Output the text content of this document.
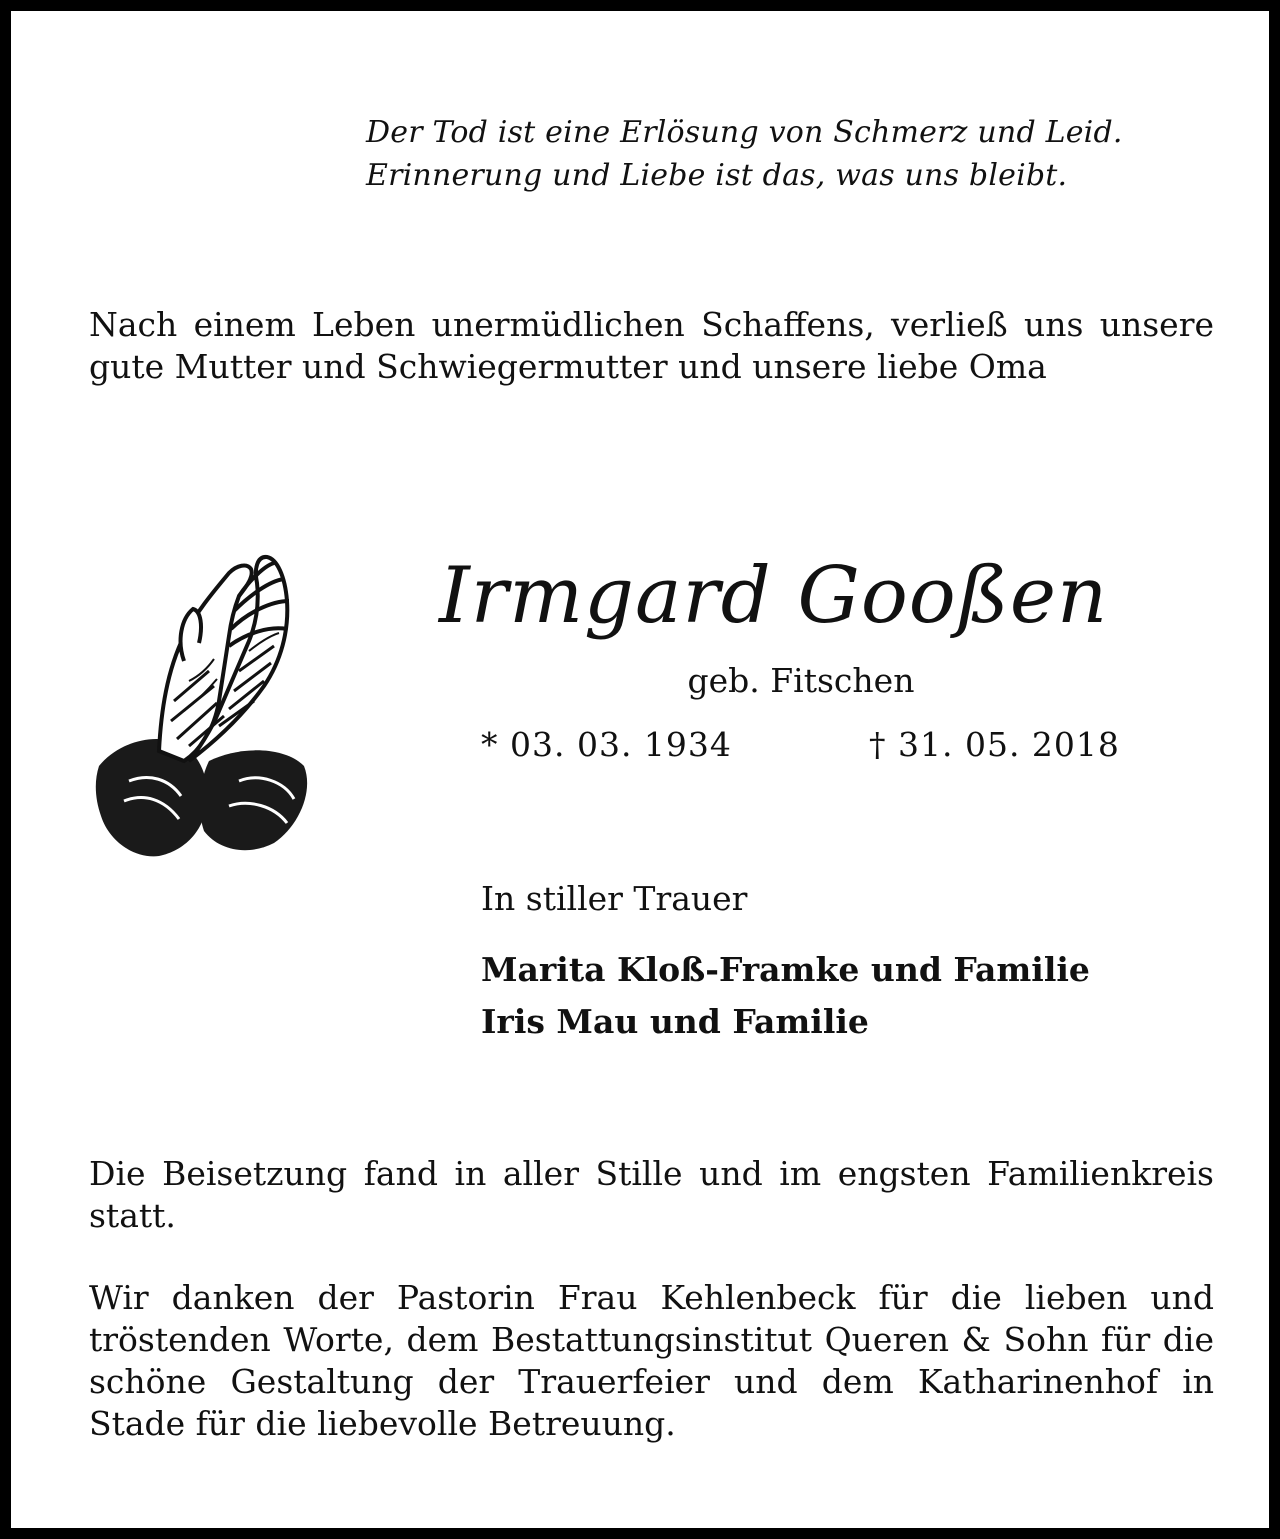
Der Tod ist eine Erlösung von Schmerz und Leid.
Erinnerung und Liebe ist das, was uns bleibt.
Nach einem Leben unermüdlichen Schaffens, verließ uns unsere gute Mutter und Schwiegermutter und unsere liebe Oma
Irmgard Gooßen
geb. Fitschen
* 03. 03. 1934	† 31. 05. 2018
In stiller Trauer
Marita Kloß-Framke und Familie
Iris Mau und Familie
Die Beisetzung fand in aller Stille und im engsten Familienkreis statt.
Wir danken der Pastorin Frau Kehlenbeck für die lieben und tröstenden Worte, dem Bestattungsinstitut Queren & Sohn für die schöne Gestaltung der Trauerfeier und dem Katharinenhof in Stade für die liebevolle Betreuung.
